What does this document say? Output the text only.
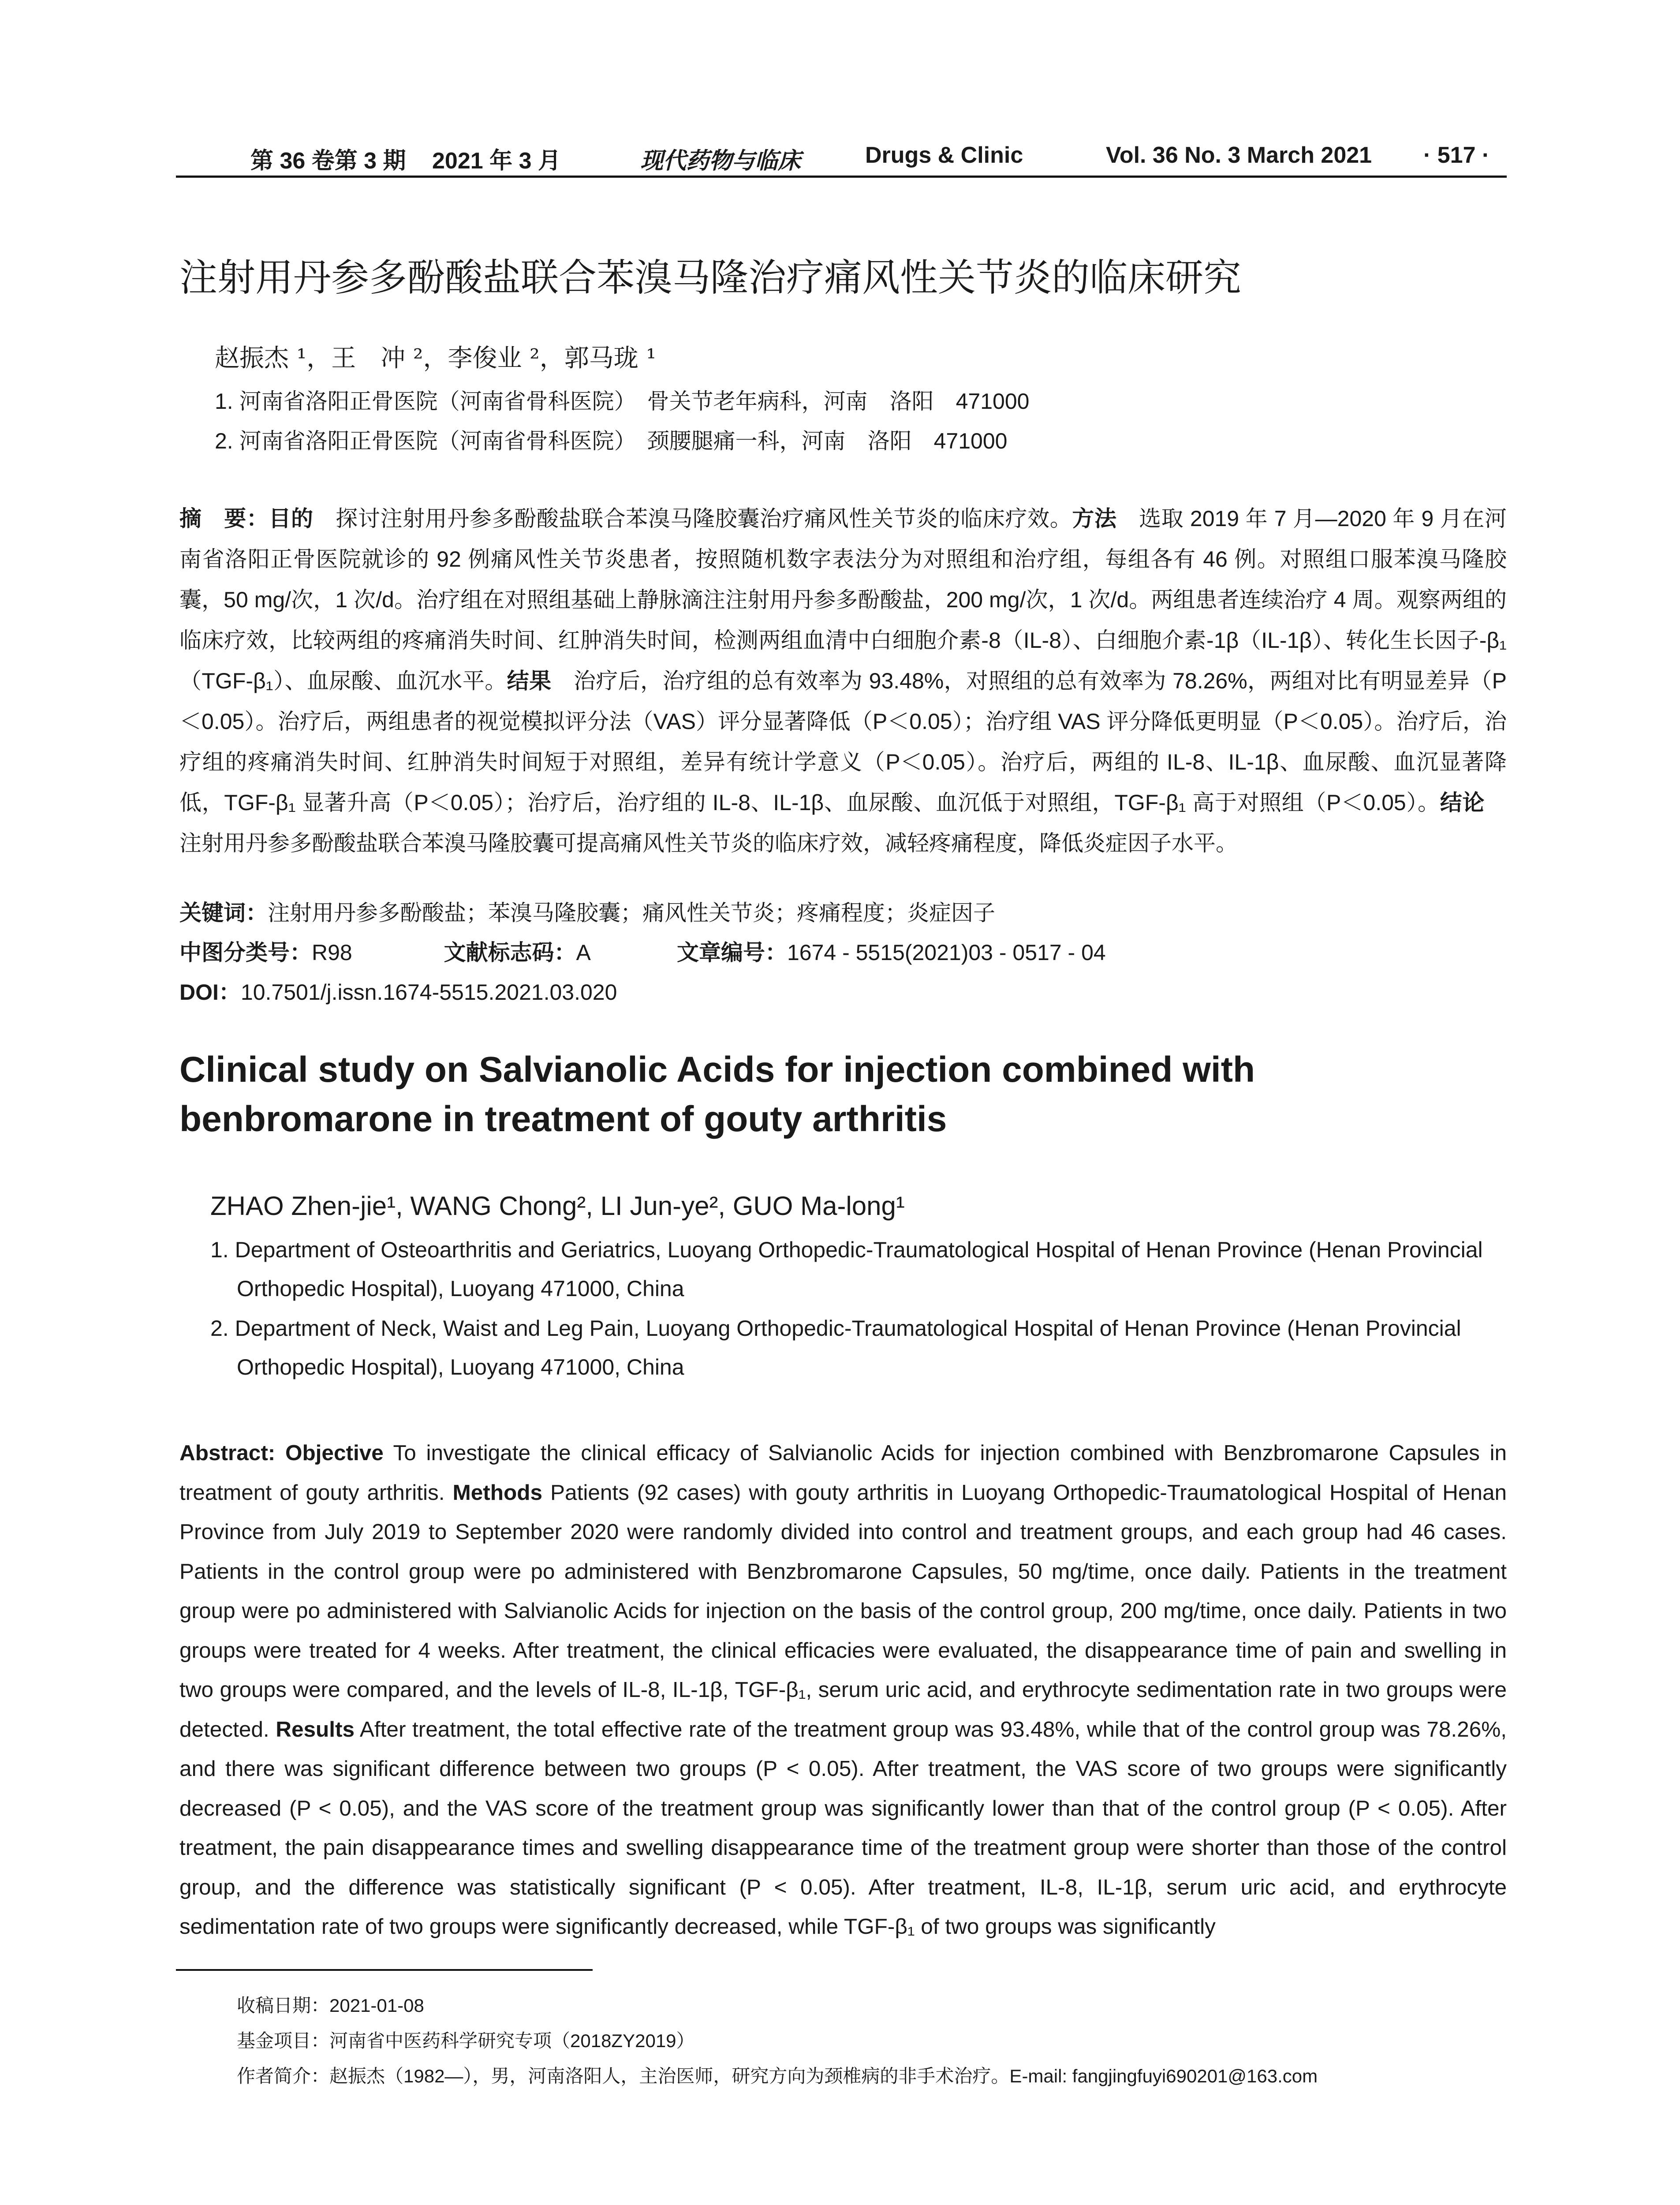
第 36 卷第 3 期 2021 年 3 月	现代药物与临床	Drugs & Clinic	Vol. 36 No. 3 March 2021 · 517 ·
注射用丹参多酚酸盐联合苯溴马隆治疗痛风性关节炎的临床研究
赵振杰 ¹，王　冲 ²，李俊业 ²，郭马珑 ¹
1. 河南省洛阳正骨医院（河南省骨科医院）　骨关节老年病科，河南　洛阳　471000
2. 河南省洛阳正骨医院（河南省骨科医院）　颈腰腿痛一科，河南　洛阳　471000

摘　要：目的　探讨注射用丹参多酚酸盐联合苯溴马隆胶囊治疗痛风性关节炎的临床疗效。方法　选取 2019 年 7 月—2020 年 9 月在河南省洛阳正骨医院就诊的 92 例痛风性关节炎患者，按照随机数字表法分为对照组和治疗组，每组各有 46 例。对照组口服苯溴马隆胶囊，50 mg/次，1 次/d。治疗组在对照组基础上静脉滴注注射用丹参多酚酸盐，200 mg/次，1 次/d。两组患者连续治疗 4 周。观察两组的临床疗效，比较两组的疼痛消失时间、红肿消失时间，检测两组血清中白细胞介素-8（IL-8）、白细胞介素-1β（IL-1β）、转化生长因子-β₁（TGF-β₁）、血尿酸、血沉水平。结果　治疗后，治疗组的总有效率为 93.48%，对照组的总有效率为 78.26%，两组对比有明显差异（P＜0.05）。治疗后，两组患者的视觉模拟评分法（VAS）评分显著降低（P＜0.05）；治疗组 VAS 评分降低更明显（P＜0.05）。治疗后，治疗组的疼痛消失时间、红肿消失时间短于对照组，差异有统计学意义（P＜0.05）。治疗后，两组的 IL-8、IL-1β、血尿酸、血沉显著降低，TGF-β₁ 显著升高（P＜0.05）；治疗后，治疗组的 IL-8、IL-1β、血尿酸、血沉低于对照组，TGF-β₁ 高于对照组（P＜0.05）。结论　注射用丹参多酚酸盐联合苯溴马隆胶囊可提高痛风性关节炎的临床疗效，减轻疼痛程度，降低炎症因子水平。

关键词：注射用丹参多酚酸盐；苯溴马隆胶囊；痛风性关节炎；疼痛程度；炎症因子
中图分类号：R98	文献标志码：A	文章编号：1674 - 5515(2021)03 - 0517 - 04
DOI：10.7501/j.issn.1674-5515.2021.03.020

Clinical study on Salvianolic Acids for injection combined with benbromarone in treatment of gouty arthritis

ZHAO Zhen-jie¹, WANG Chong², LI Jun-ye², GUO Ma-long¹

1. Department of Osteoarthritis and Geriatrics, Luoyang Orthopedic-Traumatological Hospital of Henan Province (Henan Provincial Orthopedic Hospital), Luoyang 471000, China

2. Department of Neck, Waist and Leg Pain, Luoyang Orthopedic-Traumatological Hospital of Henan Province (Henan Provincial Orthopedic Hospital), Luoyang 471000, China

Abstract: Objective To investigate the clinical efficacy of Salvianolic Acids for injection combined with Benzbromarone Capsules in treatment of gouty arthritis. Methods Patients (92 cases) with gouty arthritis in Luoyang Orthopedic-Traumatological Hospital of Henan Province from July 2019 to September 2020 were randomly divided into control and treatment groups, and each group had 46 cases. Patients in the control group were po administered with Benzbromarone Capsules, 50 mg/time, once daily. Patients in the treatment group were po administered with Salvianolic Acids for injection on the basis of the control group, 200 mg/time, once daily. Patients in two groups were treated for 4 weeks. After treatment, the clinical efficacies were evaluated, the disappearance time of pain and swelling in two groups were compared, and the levels of IL-8, IL-1β, TGF-β₁, serum uric acid, and erythrocyte sedimentation rate in two groups were detected. Results After treatment, the total effective rate of the treatment group was 93.48%, while that of the control group was 78.26%, and there was significant difference between two groups (P < 0.05). After treatment, the VAS score of two groups were significantly decreased (P < 0.05), and the VAS score of the treatment group was significantly lower than that of the control group (P < 0.05). After treatment, the pain disappearance times and swelling disappearance time of the treatment group were shorter than those of the control group, and the difference was statistically significant (P < 0.05). After treatment, IL-8, IL-1β, serum uric acid, and erythrocyte sedimentation rate of two groups were significantly decreased, while TGF-β₁ of two groups was significantly

收稿日期：2021-01-08
基金项目：河南省中医药科学研究专项（2018ZY2019）
作者简介：赵振杰（1982—），男，河南洛阳人，主治医师，研究方向为颈椎病的非手术治疗。E-mail: fangjingfuyi690201@163.com
